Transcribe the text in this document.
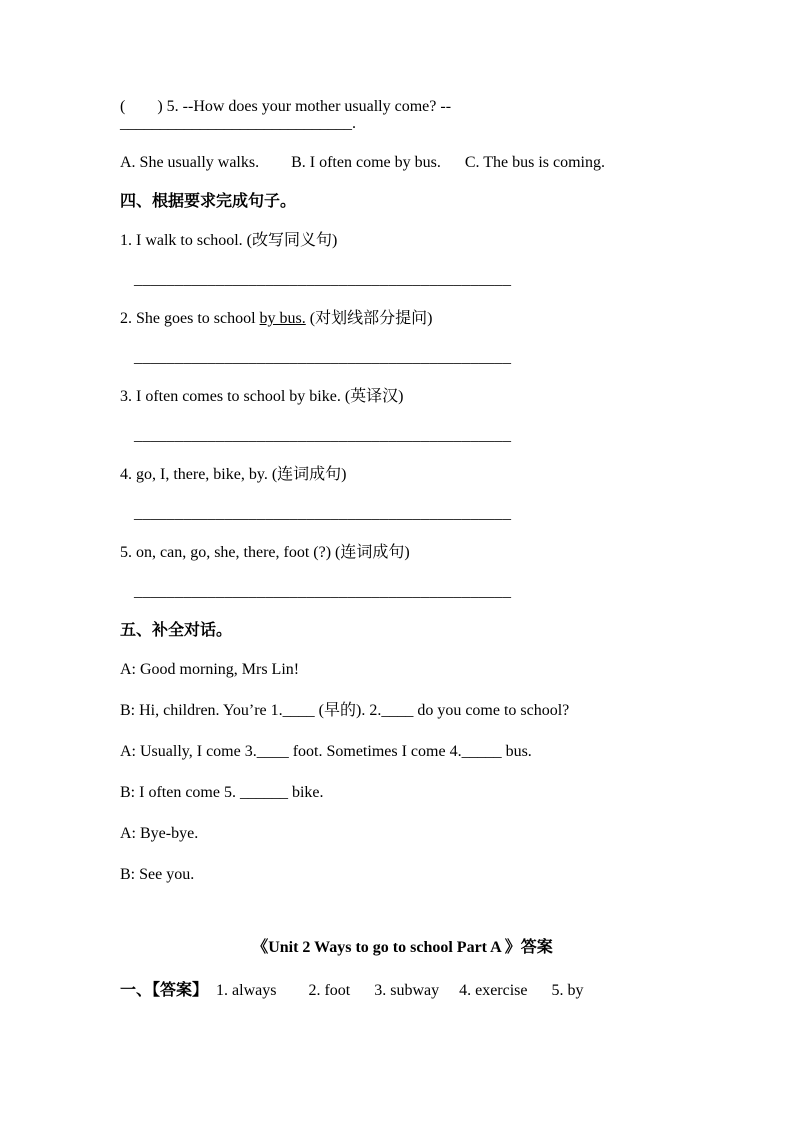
(        ) 5. --How does your mother usually come? --_____________________________.

A. She usually walks.        B. I often come by bus.      C. The bus is coming.

四、根据要求完成句子。

1. I walk to school. (改写同义句)

______________________________________________

2. She goes to school by bus. (对划线部分提问)

______________________________________________

3. I often comes to school by bike. (英译汉)

______________________________________________

4. go, I, there, bike, by. (连词成句)

______________________________________________

5. on, can, go, she, there, foot (?) (连词成句)

______________________________________________

五、补全对话。

A: Good morning, Mrs Lin!

B: Hi, children. You’re 1.____ (早的). 2.____ do you come to school?

A: Usually, I come 3.____ foot. Sometimes I come 4._____ bus.

B: I often come 5. ______ bike.

A: Bye-bye.

B: See you.

《Unit 2 Ways to go to school Part A 》答案

一、【答案】  1. always        2. foot      3. subway     4. exercise      5. by
